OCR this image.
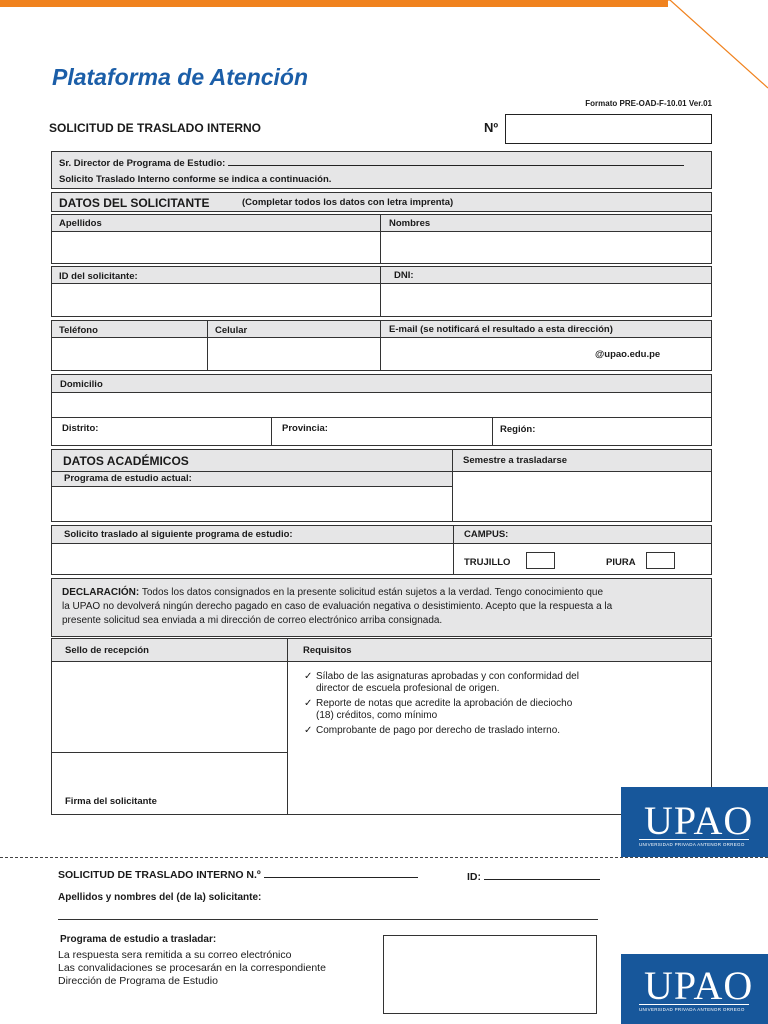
Plataforma de Atención
Formato PRE-OAD-F-10.01 Ver.01
SOLICITUD DE TRASLADO INTERNO	Nº
Sr. Director de Programa de Estudio:
Solicito Traslado Interno conforme se indica a continuación.
DATOS DEL SOLICITANTE	(Completar todos los datos con letra imprenta)
Apellidos	Nombres
ID del solicitante:	DNI:
Teléfono	Celular	E-mail (se notificará el resultado a esta dirección)
@upao.edu.pe
Domicilio
Distrito:	Provincia:	Región:
DATOS ACADÉMICOS
Programa de estudio actual:
Semestre a trasladarse
Solicito traslado al siguiente programa de estudio:	CAMPUS:
TRUJILLO	PIURA
DECLARACIÓN: Todos los datos consignados en la presente solicitud están sujetos a la verdad. Tengo conocimiento que
la UPAO no devolverá ningún derecho pagado en caso de evaluación negativa o desistimiento. Acepto que la respuesta a la
presente solicitud sea enviada a mi dirección de correo electrónico arriba consignada.
Sello de recepción	Requisitos
Firma del solicitante
✓ Sílabo de las asignaturas aprobadas y con conformidad del
director de escuela profesional de origen.
✓ Reporte de notas que acredite la aprobación de dieciocho
(18) créditos, como mínimo
✓ Comprobante de pago por derecho de traslado interno.
UPAO
UNIVERSIDAD PRIVADA ANTENOR ORREGO
SOLICITUD DE TRASLADO INTERNO N.º	ID:
Apellidos y nombres del (de la) solicitante:
Programa de estudio a trasladar:
La respuesta sera remitida a su correo electrónico
Las convalidaciones se procesarán en la correspondiente
Dirección de Programa de Estudio	UPAO
UNIVERSIDAD PRIVADA ANTENOR ORREGO
